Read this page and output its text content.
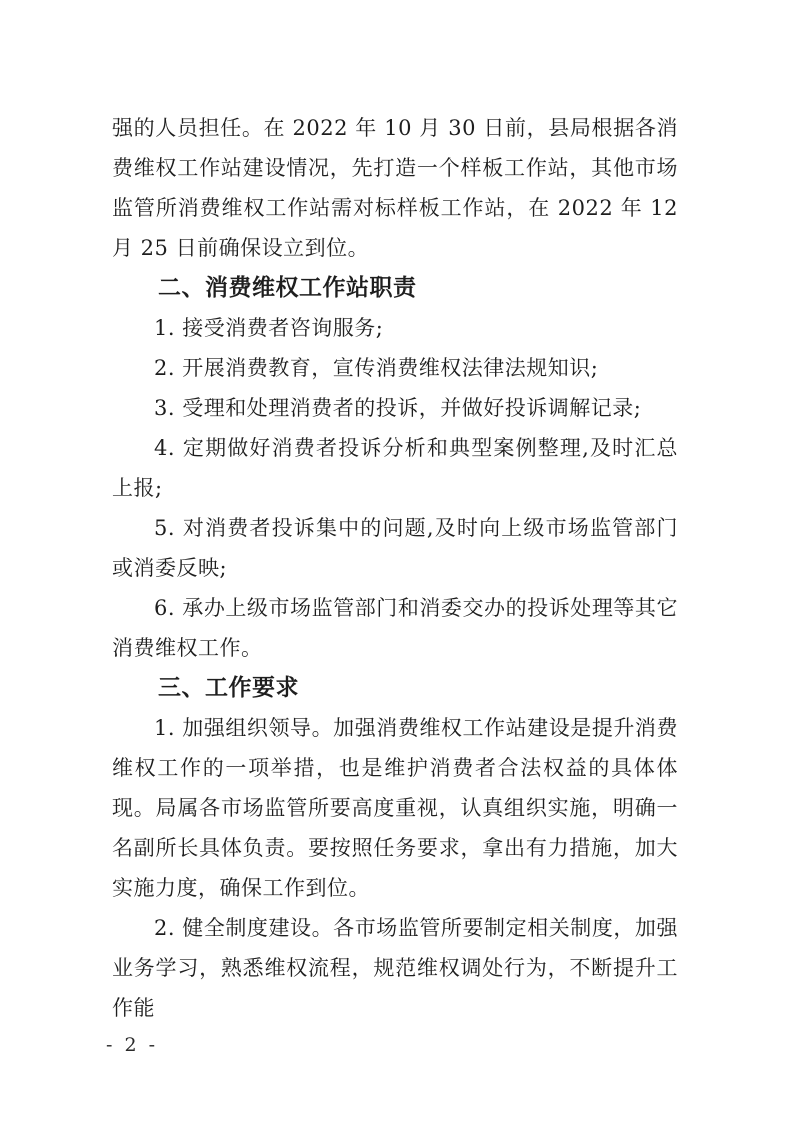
强的人员担任。在 2022 年 10 月 30 日前，县局根据各消费维权工作站建设情况，先打造一个样板工作站，其他市场监管所消费维权工作站需对标样板工作站，在 2022 年 12 月 25 日前确保设立到位。

二、消费维权工作站职责

1. 接受消费者咨询服务;

2. 开展消费教育，宣传消费维权法律法规知识;

3. 受理和处理消费者的投诉，并做好投诉调解记录;

4. 定期做好消费者投诉分析和典型案例整理,及时汇总上报;

5. 对消费者投诉集中的问题,及时向上级市场监管部门或消委反映;

6. 承办上级市场监管部门和消委交办的投诉处理等其它消费维权工作。

三、工作要求

1. 加强组织领导。加强消费维权工作站建设是提升消费维权工作的一项举措，也是维护消费者合法权益的具体体现。局属各市场监管所要高度重视，认真组织实施，明确一名副所长具体负责。要按照任务要求，拿出有力措施，加大实施力度，确保工作到位。

2. 健全制度建设。各市场监管所要制定相关制度，加强业务学习，熟悉维权流程，规范维权调处行为，不断提升工作能

- 2 -
